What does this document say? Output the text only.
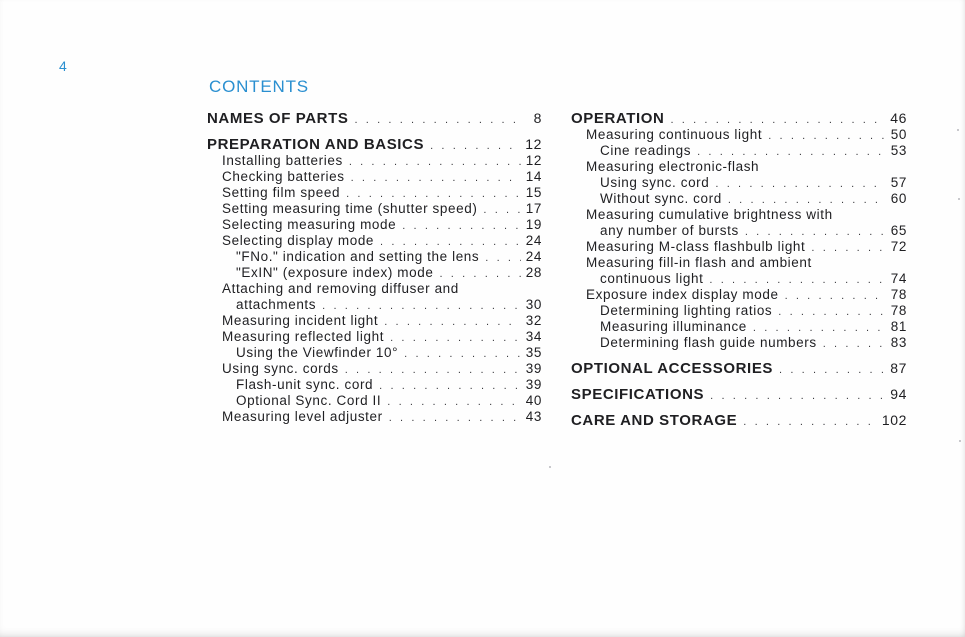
4
CONTENTS
NAMES OF PARTS . . .	8
PREPARATION AND BASICS . . .	12
Installing batteries . . .	12
Checking batteries . . .	14
Setting film speed . . .	15
Setting measuring time (shutter speed) . . .	17
Selecting measuring mode . . .	19
Selecting display mode . . .	24
"FNo." indication and setting the lens . . .	24
"ExIN" (exposure index) mode . . .	28
Attaching and removing diffuser and
attachments . . .	30
Measuring incident light . . .	32
Measuring reflected light . . .	34
Using the Viewfinder 10° . . .	35
Using sync. cords . . .	39
Flash-unit sync. cord . . .	39
Optional Sync. Cord II . . .	40
Measuring level adjuster . . .	43
OPERATION . . .	46
Measuring continuous light . . .	50
Cine readings . . .	53
Measuring electronic-flash
Using sync. cord . . .	57
Without sync. cord . . .	60
Measuring cumulative brightness with
any number of bursts . . .	65
Measuring M-class flashbulb light . . .	72
Measuring fill-in flash and ambient
continuous light . . .	74
Exposure index display mode . . .	78
Determining lighting ratios . . .	78
Measuring illuminance . . .	81
Determining flash guide numbers . . .	83
OPTIONAL ACCESSORIES . . .	87
SPECIFICATIONS . . .	94
CARE AND STORAGE . . .	102
